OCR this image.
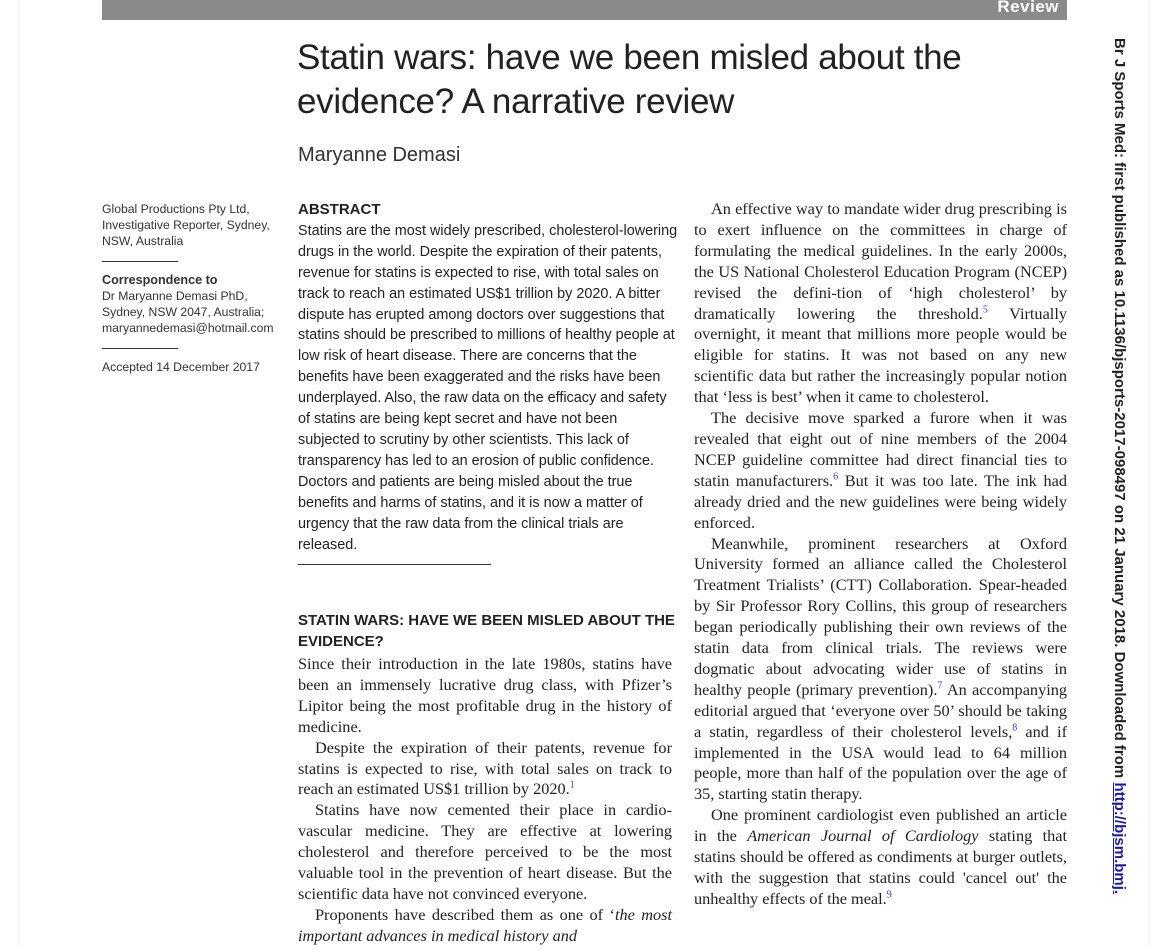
Review
Statin wars: have we been misled about the
evidence? A narrative review
Maryanne Demasi

Global Productions Pty Ltd, Investigative Reporter, Sydney, NSW, Australia

Correspondence to

Dr Maryanne Demasi PhD,

Sydney, NSW 2047, Australia;

maryannedemasi@hotmail.com

Accepted 14 December 2017

ABSTRACT

Statins are the most widely prescribed, cholesterol-lowering drugs in the world. Despite the expiration of their patents, revenue for statins is expected to rise, with total sales on track to reach an estimated US$1 trillion by 2020. A bitter dispute has erupted among doctors over suggestions that statins should be prescribed to millions of healthy people at low risk of heart disease. There are concerns that the benefits have been exaggerated and the risks have been underplayed. Also, the raw data on the efficacy and safety of statins are being kept secret and have not been subjected to scrutiny by other scientists. This lack of transparency has led to an erosion of public confidence. Doctors and patients are being misled about the true benefits and harms of statins, and it is now a matter of urgency that the raw data from the clinical trials are released.

STATIN WARS: HAVE WE BEEN MISLED ABOUT THE EVIDENCE?

Since their introduction in the late 1980s, statins have been an immensely lucrative drug class, with Pfizer’s Lipitor being the most profitable drug in the history of medicine.

Despite the expiration of their patents, revenue for statins is expected to rise, with total sales on track to reach an estimated US$1 trillion by 2020.$^1$

Statins have now cemented their place in cardio-vascular medicine. They are effective at lowering cholesterol and therefore perceived to be the most valuable tool in the prevention of heart disease. But the scientific data have not convinced everyone.

Proponents have described them as one of ‘the most important advances in medical history and

An effective way to mandate wider drug prescribing is to exert influence on the committees in charge of formulating the medical guidelines. In the early 2000s, the US National Cholesterol Education Program (NCEP) revised the defini-tion of ‘high cholesterol’ by dramatically lowering the threshold.$^5$ Virtually overnight, it meant that millions more people would be eligible for statins. It was not based on any new scientific data but rather the increasingly popular notion that ‘less is best’ when it came to cholesterol.

The decisive move sparked a furore when it was revealed that eight out of nine members of the 2004 NCEP guideline committee had direct financial ties to statin manufacturers.$^6$ But it was too late. The ink had already dried and the new guidelines were being widely enforced.

Meanwhile, prominent researchers at Oxford University formed an alliance called the Cholesterol Treatment Trialists’ (CTT) Collaboration. Spear-headed by Sir Professor Rory Collins, this group of researchers began periodically publishing their own reviews of the statin data from clinical trials. The reviews were dogmatic about advocating wider use of statins in healthy people (primary prevention).$^7$ An accompanying editorial argued that ‘everyone over 50’ should be taking a statin, regardless of their cholesterol levels,$^8$ and if implemented in the USA would lead to 64 million people, more than half of the population over the age of 35, starting statin therapy.

One prominent cardiologist even published an article in the American Journal of Cardiology stating that statins should be offered as condiments at burger outlets, with the suggestion that statins could 'cancel out' the unhealthy effects of the meal.$^9$

Br J Sports Med: first published as 10.1136/bjsports-2017-098497 on 21 January 2018. Downloaded from http://bjsm.bmj.
